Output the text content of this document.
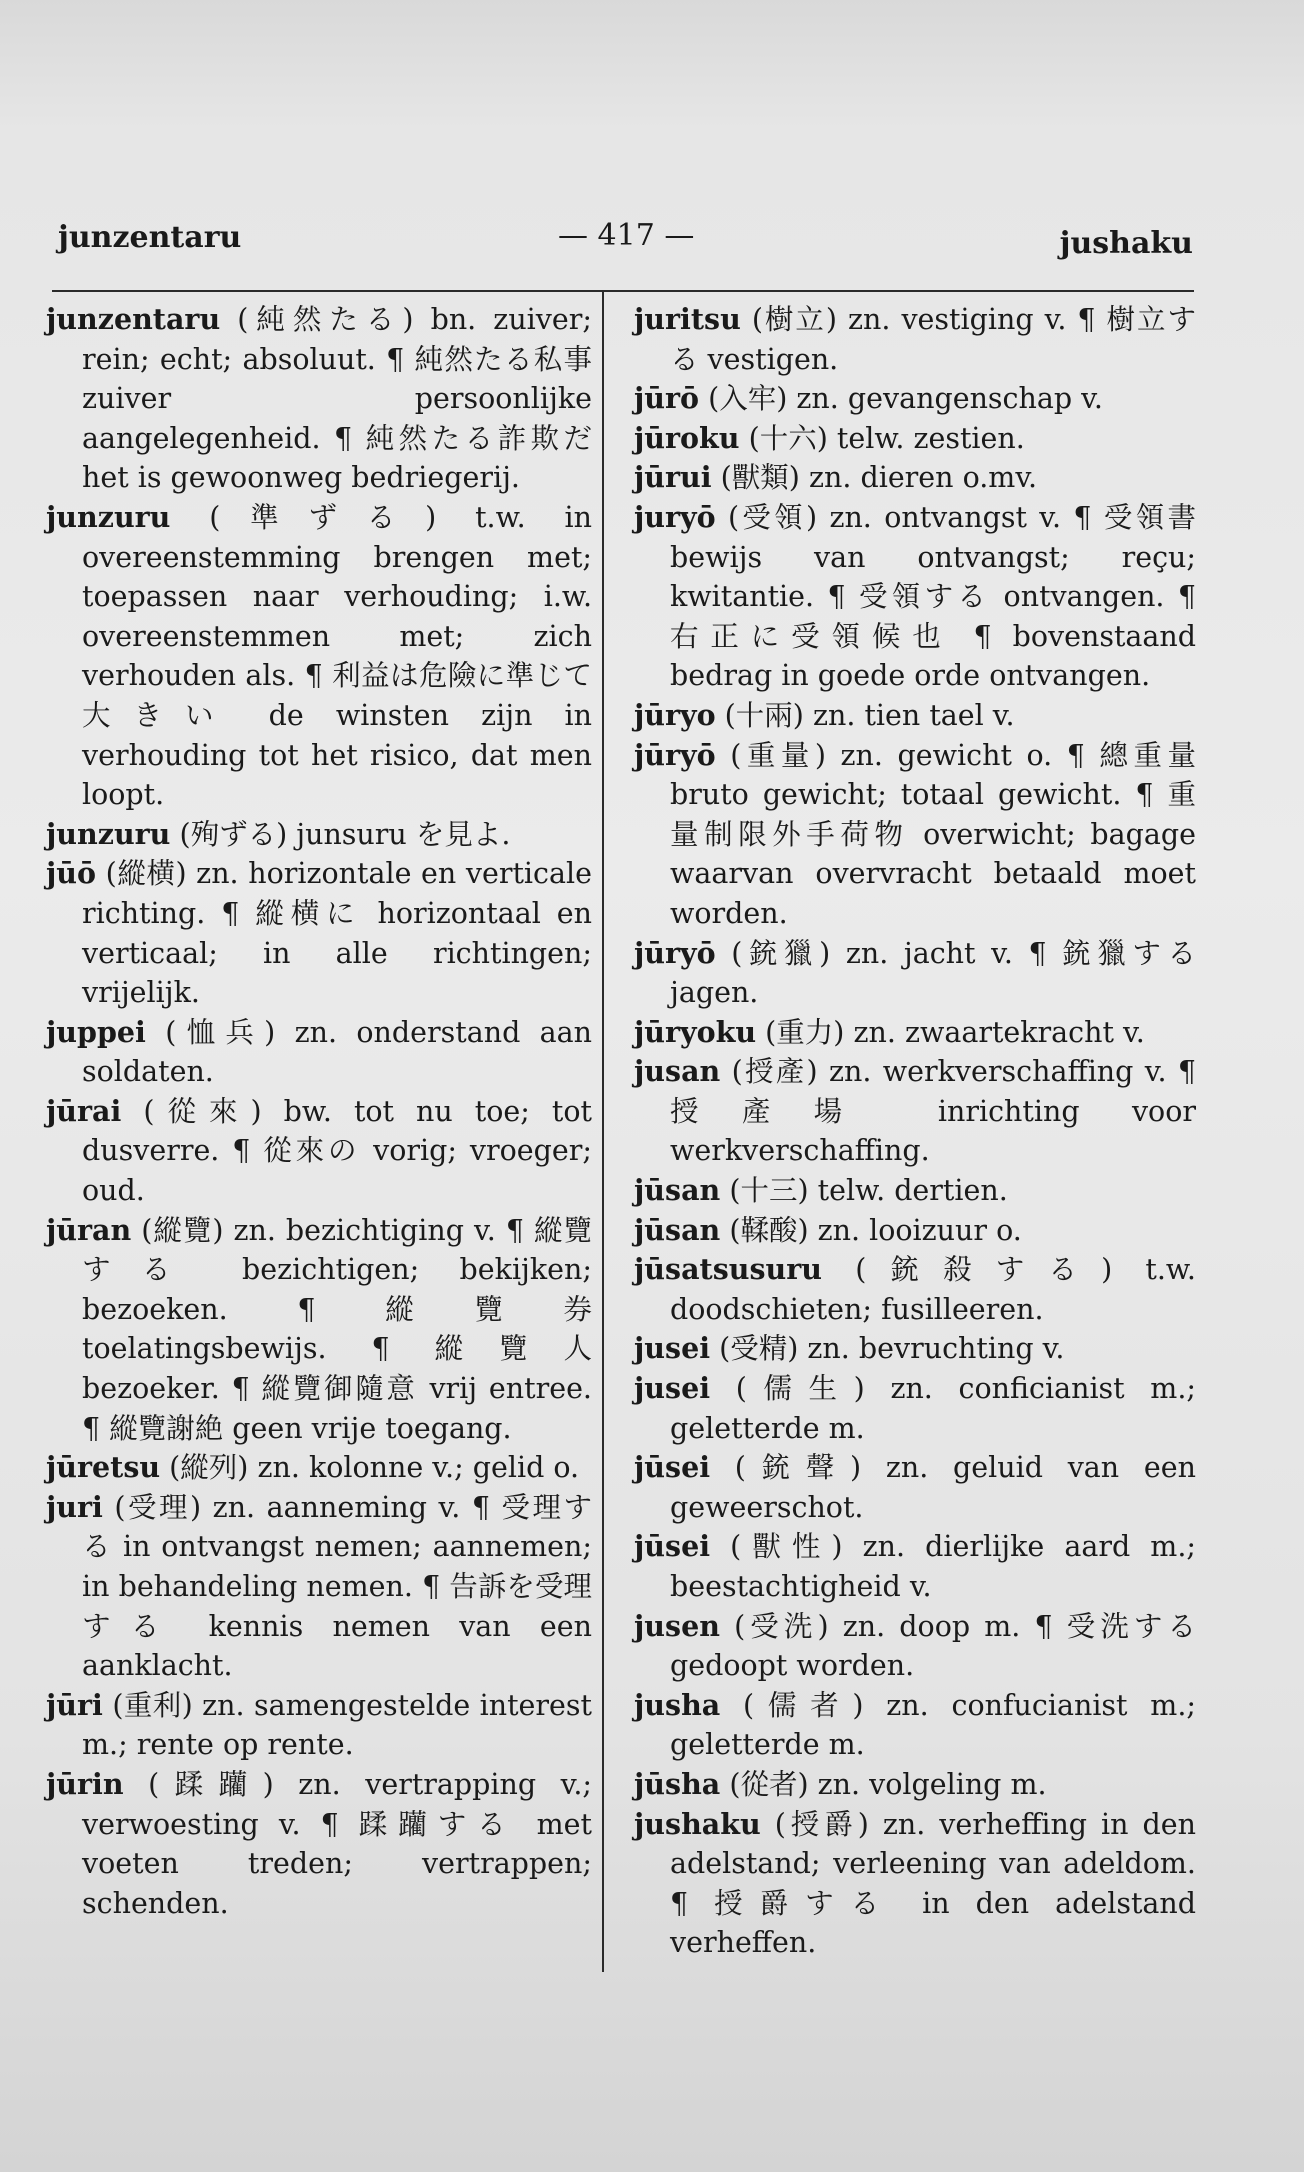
junzentaru	— 417 —	jushaku
junzentaru (純然たる) bn. zuiver; rein; echt; absoluut. ¶ 純然たる私事 zuiver persoonlijke aangelegenheid. ¶ 純然たる詐欺だ het is gewoonweg bedriegerij.
junzuru (準ずる) t.w. in overeenstemming brengen met; toepassen naar verhouding; i.w. overeenstemmen met; zich verhouden als. ¶ 利益は危險に準じて大きい de winsten zijn in verhouding tot het risico, dat men loopt.
junzuru (殉ずる) junsuru を見よ.
jūō (縱横) zn. horizontale en verticale richting. ¶ 縱横に horizontaal en verticaal; in alle richtingen; vrijelijk.
juppei (恤兵) zn. onderstand aan soldaten.
jūrai (從來) bw. tot nu toe; tot dusverre. ¶ 從來の vorig; vroeger; oud.
jūran (縱覽) zn. bezichtiging v. ¶ 縱覽する bezichtigen; bekijken; bezoeken. ¶ 縱覽券 toelatingsbewijs. ¶ 縱覽人 bezoeker. ¶ 縱覽御隨意 vrij entree. ¶ 縱覽謝絶 geen vrije toegang.
jūretsu (縱列) zn. kolonne v.; gelid o.
juri (受理) zn. aanneming v. ¶ 受理する in ontvangst nemen; aannemen; in behandeling nemen. ¶ 告訴を受理する kennis nemen van een aanklacht.
jūri (重利) zn. samengestelde interest m.; rente op rente.
jūrin (蹂躪) zn. vertrapping v.; verwoesting v. ¶ 蹂躪する met voeten treden; vertrappen; schenden.
juritsu (樹立) zn. vestiging v. ¶ 樹立する vestigen.
jūrō (入牢) zn. gevangenschap v.
jūroku (十六) telw. zestien.
jūrui (獸類) zn. dieren o.mv.
juryō (受領) zn. ontvangst v. ¶ 受領書 bewijs van ontvangst; reçu; kwitantie. ¶ 受領する ontvangen. ¶ 右正に受領候也 ¶ bovenstaand bedrag in goede orde ontvangen.
jūryo (十兩) zn. tien tael v.
jūryō (重量) zn. gewicht o. ¶ 總重量 bruto gewicht; totaal gewicht. ¶ 重量制限外手荷物 overwicht; bagage waarvan overvracht betaald moet worden.
jūryō (銃獵) zn. jacht v. ¶ 銃獵する jagen.
jūryoku (重力) zn. zwaartekracht v.
jusan (授產) zn. werkverschaffing v. ¶ 授產場 inrichting voor werkverschaffing.
jūsan (十三) telw. dertien.
jūsan (鞣酸) zn. looizuur o.
jūsatsusuru (銃殺する) t.w. doodschieten; fusilleeren.
jusei (受精) zn. bevruchting v.
jusei (儒生) zn. conficianist m.; geletterde m.
jūsei (銃聲) zn. geluid van een geweerschot.
jūsei (獸性) zn. dierlijke aard m.; beestachtigheid v.
jusen (受洗) zn. doop m. ¶ 受洗する gedoopt worden.
jusha (儒者) zn. confucianist m.; geletterde m.
jūsha (從者) zn. volgeling m.
jushaku (授爵) zn. verheffing in den adelstand; verleening van adeldom. ¶ 授爵する in den adelstand verheffen.
